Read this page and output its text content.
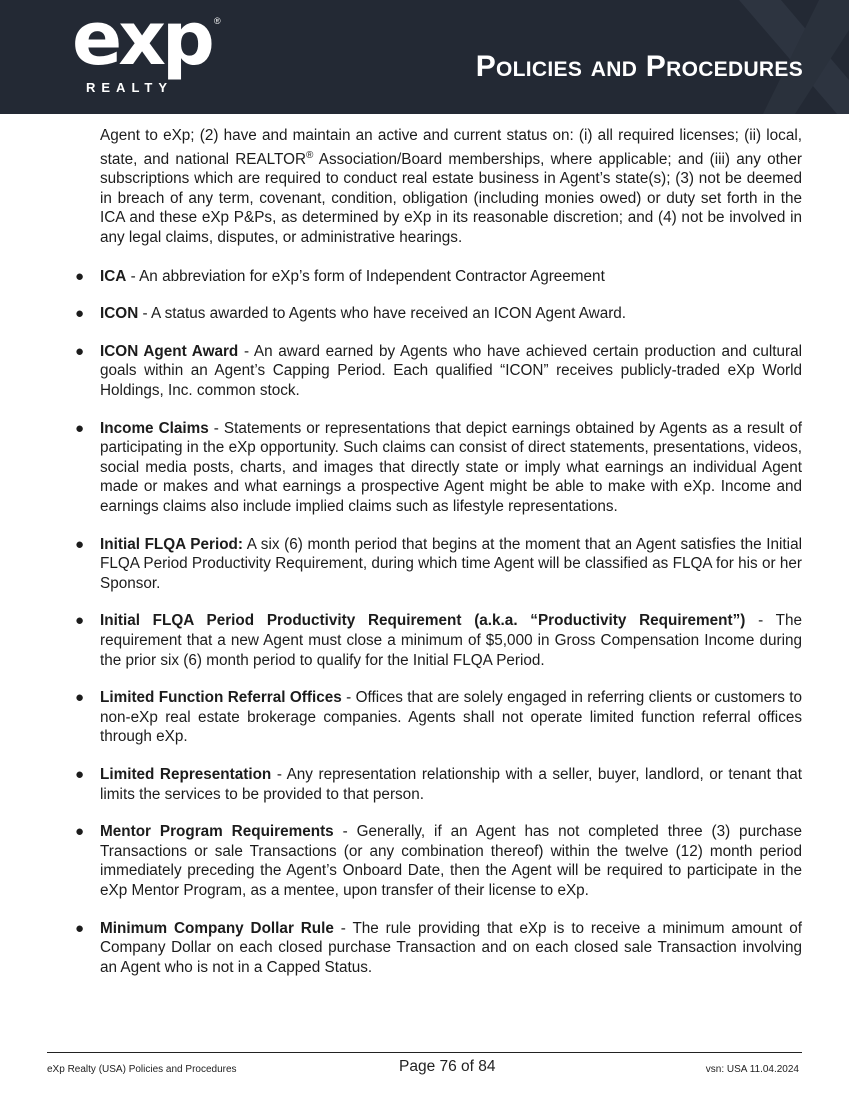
exp ®
REALTY
Policies and Procedures

Agent to eXp; (2) have and maintain an active and current status on: (i) all required licenses; (ii) local, state, and national REALTOR® Association/Board memberships, where applicable; and (iii) any other subscriptions which are required to conduct real estate business in Agent’s state(s); (3) not be deemed in breach of any term, covenant, condition, obligation (including monies owed) or duty set forth in the ICA and these eXp P&Ps, as determined by eXp in its reasonable discretion; and (4) not be involved in any legal claims, disputes, or administrative hearings.

● ICA - An abbreviation for eXp’s form of Independent Contractor Agreement
● ICON - A status awarded to Agents who have received an ICON Agent Award.
● ICON Agent Award - An award earned by Agents who have achieved certain production and cultural goals within an Agent’s Capping Period. Each qualified “ICON” receives publicly-traded eXp World Holdings, Inc. common stock.
● Income Claims - Statements or representations that depict earnings obtained by Agents as a result of participating in the eXp opportunity. Such claims can consist of direct statements, presentations, videos, social media posts, charts, and images that directly state or imply what earnings an individual Agent made or makes and what earnings a prospective Agent might be able to make with eXp. Income and earnings claims also include implied claims such as lifestyle representations.
● Initial FLQA Period: A six (6) month period that begins at the moment that an Agent satisfies the Initial FLQA Period Productivity Requirement, during which time Agent will be classified as FLQA for his or her Sponsor.
● Initial FLQA Period Productivity Requirement (a.k.a. “Productivity Requirement”) - The requirement that a new Agent must close a minimum of $5,000 in Gross Compensation Income during the prior six (6) month period to qualify for the Initial FLQA Period.
● Limited Function Referral Offices - Offices that are solely engaged in referring clients or customers to non-eXp real estate brokerage companies. Agents shall not operate limited function referral offices through eXp.
● Limited Representation - Any representation relationship with a seller, buyer, landlord, or tenant that limits the services to be provided to that person.
● Mentor Program Requirements - Generally, if an Agent has not completed three (3) purchase Transactions or sale Transactions (or any combination thereof) within the twelve (12) month period immediately preceding the Agent’s Onboard Date, then the Agent will be required to participate in the eXp Mentor Program, as a mentee, upon transfer of their license to eXp.
● Minimum Company Dollar Rule - The rule providing that eXp is to receive a minimum amount of Company Dollar on each closed purchase Transaction and on each closed sale Transaction involving an Agent who is not in a Capped Status.
eXp Realty (USA) Policies and Procedures	Page 76 of 84	vsn: USA 11.04.2024
